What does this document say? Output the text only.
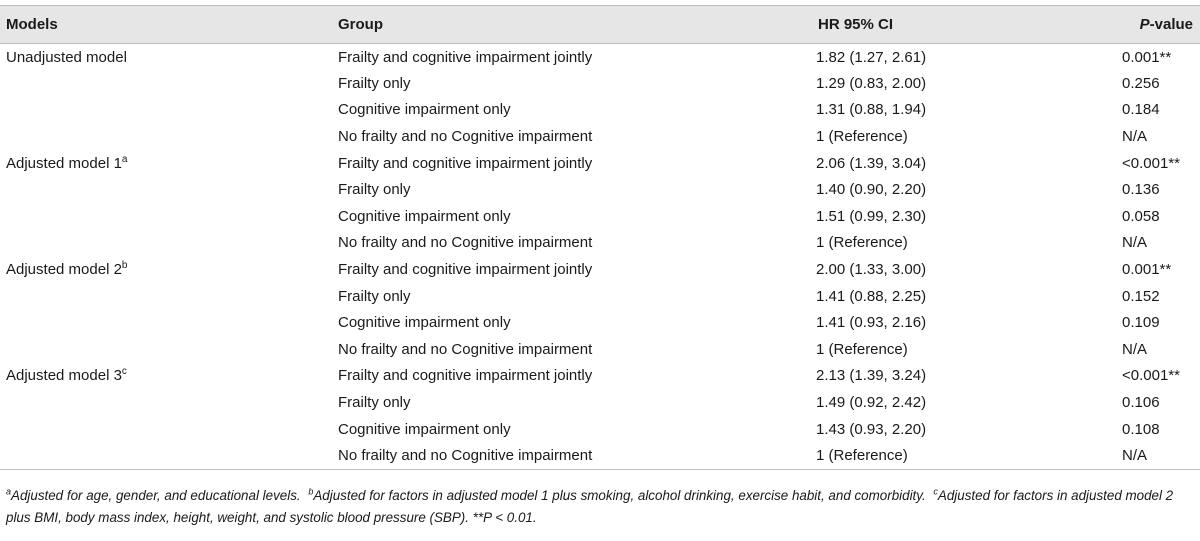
Models	Group	HR 95% CI	P-value
Unadjusted model	Frailty and cognitive impairment jointly	1.82 (1.27, 2.61)	0.001**
	Frailty only	1.29 (0.83, 2.00)	0.256
	Cognitive impairment only	1.31 (0.88, 1.94)	0.184
	No frailty and no Cognitive impairment	1 (Reference)	N/A
Adjusted model 1$^a$	Frailty and cognitive impairment jointly	2.06 (1.39, 3.04)	<0.001**
	Frailty only	1.40 (0.90, 2.20)	0.136
	Cognitive impairment only	1.51 (0.99, 2.30)	0.058
	No frailty and no Cognitive impairment	1 (Reference)	N/A
Adjusted model 2$^b$	Frailty and cognitive impairment jointly	2.00 (1.33, 3.00)	0.001**
	Frailty only	1.41 (0.88, 2.25)	0.152
	Cognitive impairment only	1.41 (0.93, 2.16)	0.109
	No frailty and no Cognitive impairment	1 (Reference)	N/A
Adjusted model 3$^c$	Frailty and cognitive impairment jointly	2.13 (1.39, 3.24)	<0.001**
	Frailty only	1.49 (0.92, 2.42)	0.106
	Cognitive impairment only	1.43 (0.93, 2.20)	0.108
	No frailty and no Cognitive impairment	1 (Reference)	N/A
$^a$Adjusted for age, gender, and educational levels. $^b$Adjusted for factors in adjusted model 1 plus smoking, alcohol drinking, exercise habit, and comorbidity. $^c$Adjusted for factors in adjusted model 2 plus BMI, body mass index, height, weight, and systolic blood pressure (SBP). **P < 0.01.
